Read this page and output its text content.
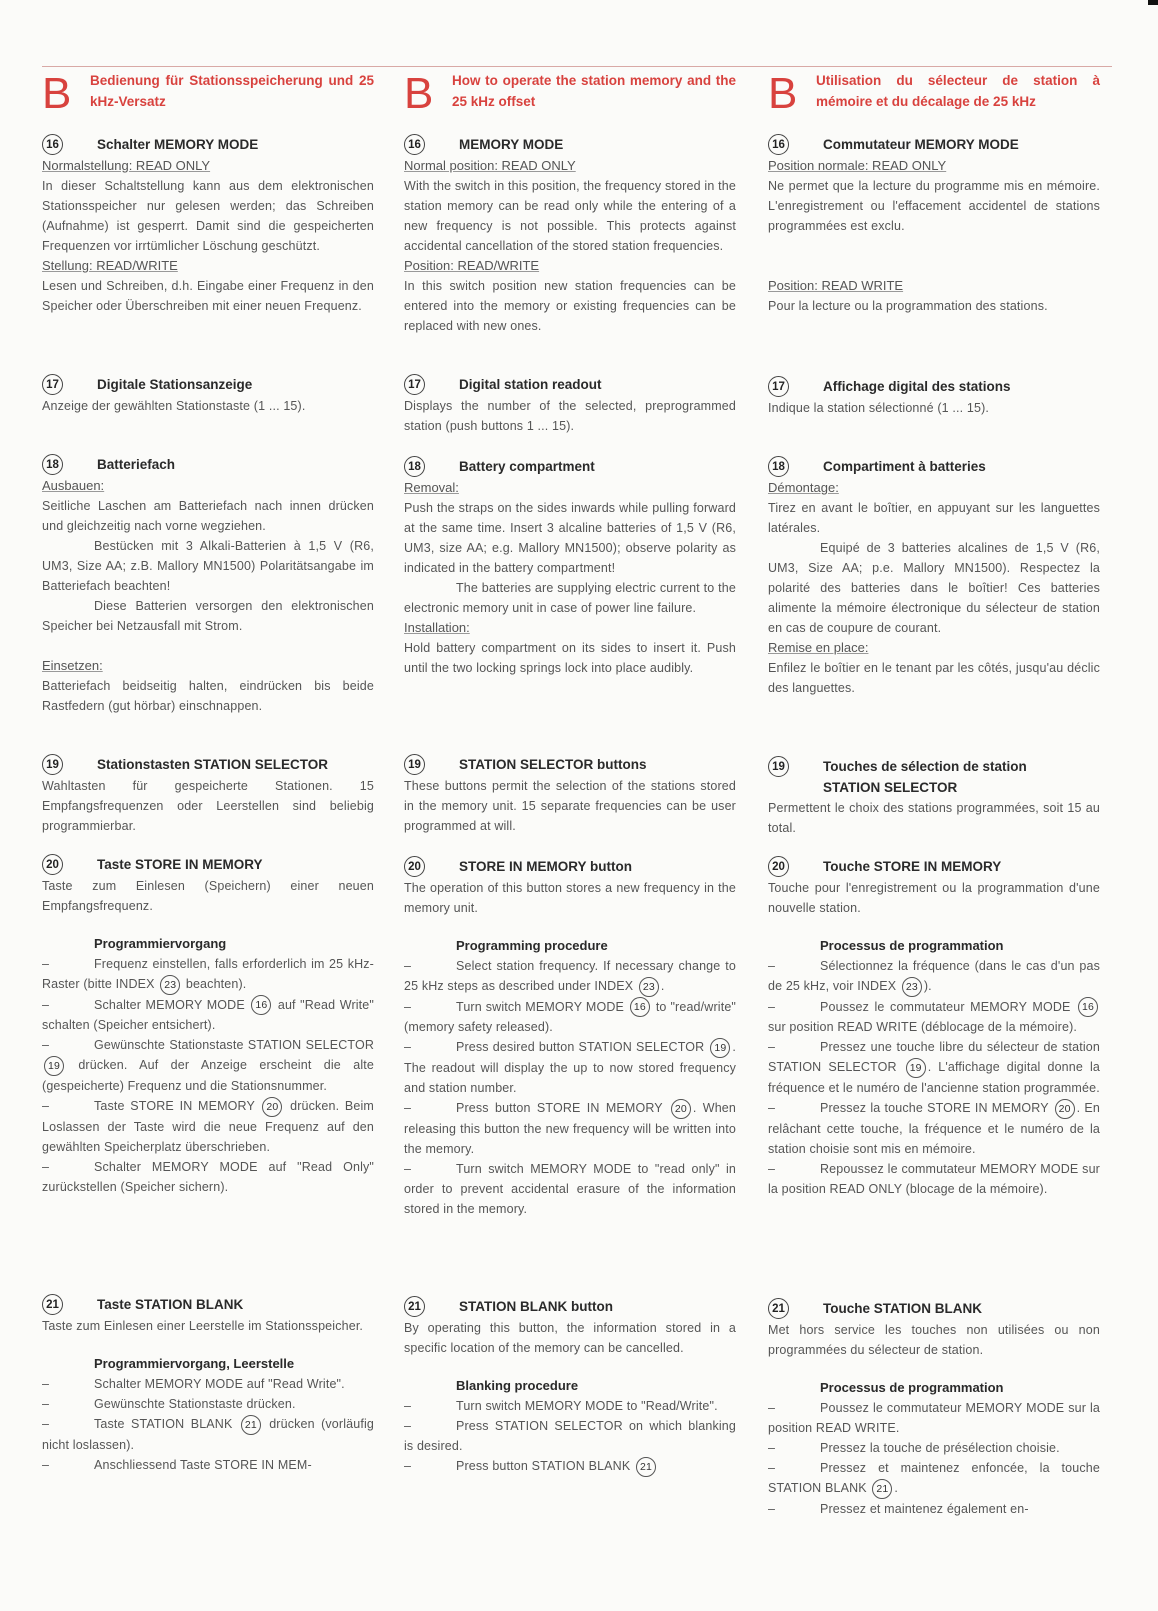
B	Bedienung für Stationsspeicherung und 25 kHz-Versatz
16	Schalter MEMORY MODE
Normalstellung: READ ONLY
In dieser Schaltstellung kann aus dem elektronischen Stationsspeicher nur gelesen werden; das Schreiben (Aufnahme) ist gesperrt. Damit sind die gespeicherten Frequenzen vor irrtümlicher Löschung geschützt.
Stellung: READ/WRITE
Lesen und Schreiben, d.h. Eingabe einer Frequenz in den Speicher oder Überschreiben mit einer neuen Frequenz.
17	Digitale Stationsanzeige
Anzeige der gewählten Stationstaste (1 ... 15).
18	Batteriefach
Ausbauen:
Seitliche Laschen am Batteriefach nach innen drücken und gleichzeitig nach vorne wegziehen.
Bestücken mit 3 Alkali-Batterien à 1,5 V (R6, UM3, Size AA; z.B. Mallory MN1500) Polaritätsangabe im Batteriefach beachten!
Diese Batterien versorgen den elektronischen Speicher bei Netzausfall mit Strom.
Einsetzen:
Batteriefach beidseitig halten, eindrücken bis beide Rastfedern (gut hörbar) einschnappen.
19	Stationstasten STATION SELECTOR
Wahltasten für gespeicherte Stationen. 15 Empfangsfrequenzen oder Leerstellen sind beliebig programmierbar.
20	Taste STORE IN MEMORY
Taste zum Einlesen (Speichern) einer neuen Empfangsfrequenz.
Programmiervorgang
–	Frequenz einstellen, falls erforderlich im 25 kHz-Raster (bitte INDEX 23 beachten).
–	Schalter MEMORY MODE 16 auf "Read Write" schalten (Speicher entsichert).
–	Gewünschte Stationstaste STATION SELECTOR 19 drücken. Auf der Anzeige erscheint die alte (gespeicherte) Frequenz und die Stationsnummer.
–	Taste STORE IN MEMORY 20 drücken. Beim Loslassen der Taste wird die neue Frequenz auf den gewählten Speicherplatz überschrieben.
–	Schalter MEMORY MODE auf "Read Only" zurückstellen (Speicher sichern).
21	Taste STATION BLANK
Taste zum Einlesen einer Leerstelle im Stationsspeicher.
Programmiervorgang, Leerstelle
–	Schalter MEMORY MODE auf "Read Write".
–	Gewünschte Stationstaste drücken.
–	Taste STATION BLANK 21 drücken (vorläufig nicht loslassen).
–	Anschliessend Taste STORE IN MEM-
B	How to operate the station memory and the 25 kHz offset
16	MEMORY MODE
Normal position: READ ONLY
With the switch in this position, the frequency stored in the station memory can be read only while the entering of a new frequency is not possible. This protects against accidental cancellation of the stored station frequencies.
Position: READ/WRITE
In this switch position new station frequencies can be entered into the memory or existing frequencies can be replaced with new ones.
17	Digital station readout
Displays the number of the selected, preprogrammed station (push buttons 1 ... 15).
18	Battery compartment
Removal:
Push the straps on the sides inwards while pulling forward at the same time. Insert 3 alcaline batteries of 1,5 V (R6, UM3, size AA; e.g. Mallory MN1500); observe polarity as indicated in the battery compartment!
The batteries are supplying electric current to the electronic memory unit in case of power line failure.
Installation:
Hold battery compartment on its sides to insert it. Push until the two locking springs lock into place audibly.
19	STATION SELECTOR buttons
These buttons permit the selection of the stations stored in the memory unit. 15 separate frequencies can be user programmed at will.
20	STORE IN MEMORY button
The operation of this button stores a new frequency in the memory unit.
Programming procedure
–	Select station frequency. If necessary change to 25 kHz steps as described under INDEX 23 .
–	Turn switch MEMORY MODE 16 to "read/write" (memory safety released).
–	Press desired button STATION SELECTOR 19 . The readout will display the up to now stored frequency and station number.
–	Press button STORE IN MEMORY 20 . When releasing this button the new frequency will be written into the memory.
–	Turn switch MEMORY MODE to "read only" in order to prevent accidental erasure of the information stored in the memory.
21	STATION BLANK button
By operating this button, the information stored in a specific location of the memory can be cancelled.
Blanking procedure
–	Turn switch MEMORY MODE to "Read/Write".
–	Press STATION SELECTOR on which blanking is desired.
–	Press button STATION BLANK 21
B	Utilisation du sélecteur de station à mémoire et du décalage de 25 kHz
16	Commutateur MEMORY MODE
Position normale: READ ONLY
Ne permet que la lecture du programme mis en mémoire. L'enregistrement ou l'effacement accidentel de stations programmées est exclu.
Position: READ WRITE
Pour la lecture ou la programmation des stations.
17	Affichage digital des stations
Indique la station sélectionné (1 ... 15).
18	Compartiment à batteries
Démontage:
Tirez en avant le boîtier, en appuyant sur les languettes latérales.
Equipé de 3 batteries alcalines de 1,5 V (R6, UM3, Size AA; p.e. Mallory MN1500). Respectez la polarité des batteries dans le boîtier! Ces batteries alimente la mémoire électronique du sélecteur de station en cas de coupure de courant.
Remise en place:
Enfilez le boîtier en le tenant par les côtés, jusqu'au déclic des languettes.
19	Touches de sélection de station
STATION SELECTOR
Permettent le choix des stations programmées, soit 15 au total.
20	Touche STORE IN MEMORY
Touche pour l'enregistrement ou la programmation d'une nouvelle station.
Processus de programmation
–	Sélectionnez la fréquence (dans le cas d'un pas de 25 kHz, voir INDEX 23 ).
–	Poussez le commutateur MEMORY MODE 16 sur position READ WRITE (déblocage de la mémoire).
–	Pressez une touche libre du sélecteur de station STATION SELECTOR 19 . L'affichage digital donne la fréquence et le numéro de l'ancienne station programmée.
–	Pressez la touche STORE IN MEMORY 20 . En relâchant cette touche, la fréquence et le numéro de la station choisie sont mis en mémoire.
–	Repoussez le commutateur MEMORY MODE sur la position READ ONLY (blocage de la mémoire).
21	Touche STATION BLANK
Met hors service les touches non utilisées ou non programmées du sélecteur de station.
Processus de programmation
–	Poussez le commutateur MEMORY MODE sur la position READ WRITE.
–	Pressez la touche de présélection choisie.
–	Pressez et maintenez enfoncée, la touche STATION BLANK 21 .
–	Pressez et maintenez également en-
